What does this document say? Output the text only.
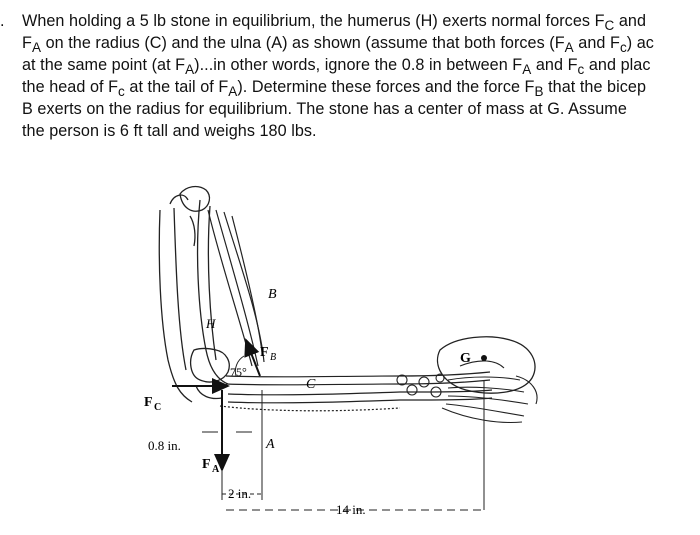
. When holding a 5 lb stone in equilibrium, the humerus (H) exerts normal forces $F_C$ and
$F_A$ on the radius (C) and the ulna (A) as shown (assume that both forces ($F_A$ and $F_c$) ac
at the same point (at $F_A)...in$ other words, ignore the 0.8 in between $F_A$ and $F_c$ and plac
the head of $F_c$ at the tail of $F_A$). Determine these forces and the force $F_B$ that the bicep
B exerts on the radius for equilibrium. The stone has a center of mass at G. Assume
the person is 6 ft tall and weighs 180 lbs.
B
H
F B
75°
C
G
F C
A
F A
0.8 in.
2 in.
14 in.
